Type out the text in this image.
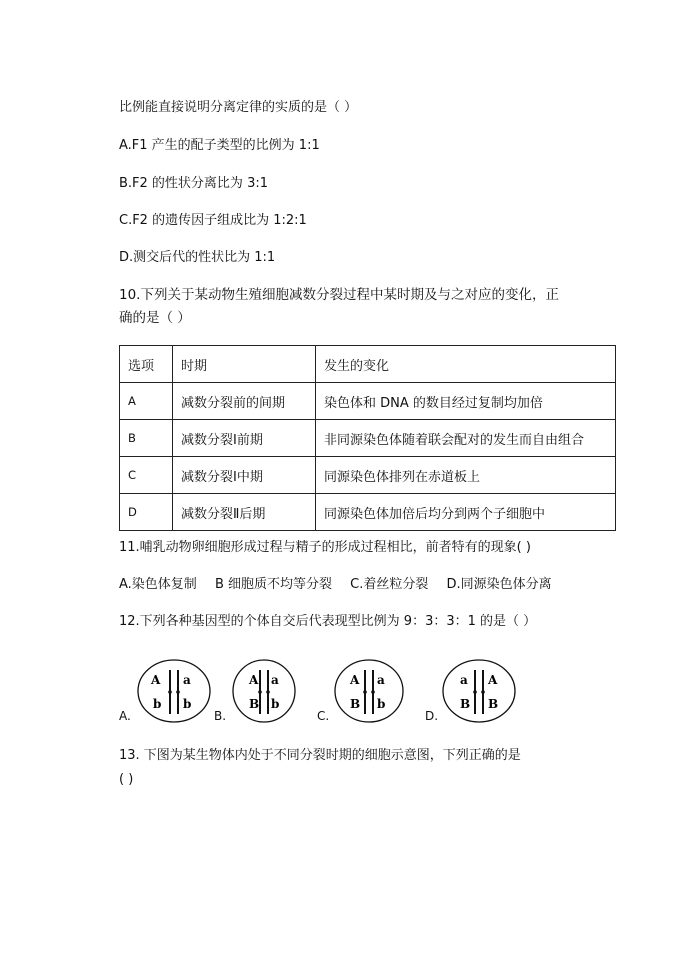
比例能直接说明分离定律的实质的是（ ）
A.F1 产生的配子类型的比例为 1:1
B.F2 的性状分离比为 3:1
C.F2 的遗传因子组成比为 1:2:1
D.测交后代的性状比为 1:1
10.下列关于某动物生殖细胞减数分裂过程中某时期及与之对应的变化，正
确的是（ ）
选项	时期	发生的变化
A	减数分裂前的间期	染色体和 DNA 的数目经过复制均加倍
B	减数分裂Ⅰ前期	非同源染色体随着联会配对的发生而自由组合
C	减数分裂Ⅰ中期	同源染色体排列在赤道板上
D	减数分裂Ⅱ后期	同源染色体加倍后均分到两个子细胞中
11.哺乳动物卵细胞形成过程与精子的形成过程相比，前者特有的现象( )
A.染色体复制 B 细胞质不均等分裂 C.着丝粒分裂 D.同源染色体分离
12.下列各种基因型的个体自交后代表现型比例为 9：3：3：1 的是（ ）
A.	B.	C.	D.
A a
b b
A a
B b
A a
B b
a A
B B
13. 下图为某生物体内处于不同分裂时期的细胞示意图，下列正确的是
( )
